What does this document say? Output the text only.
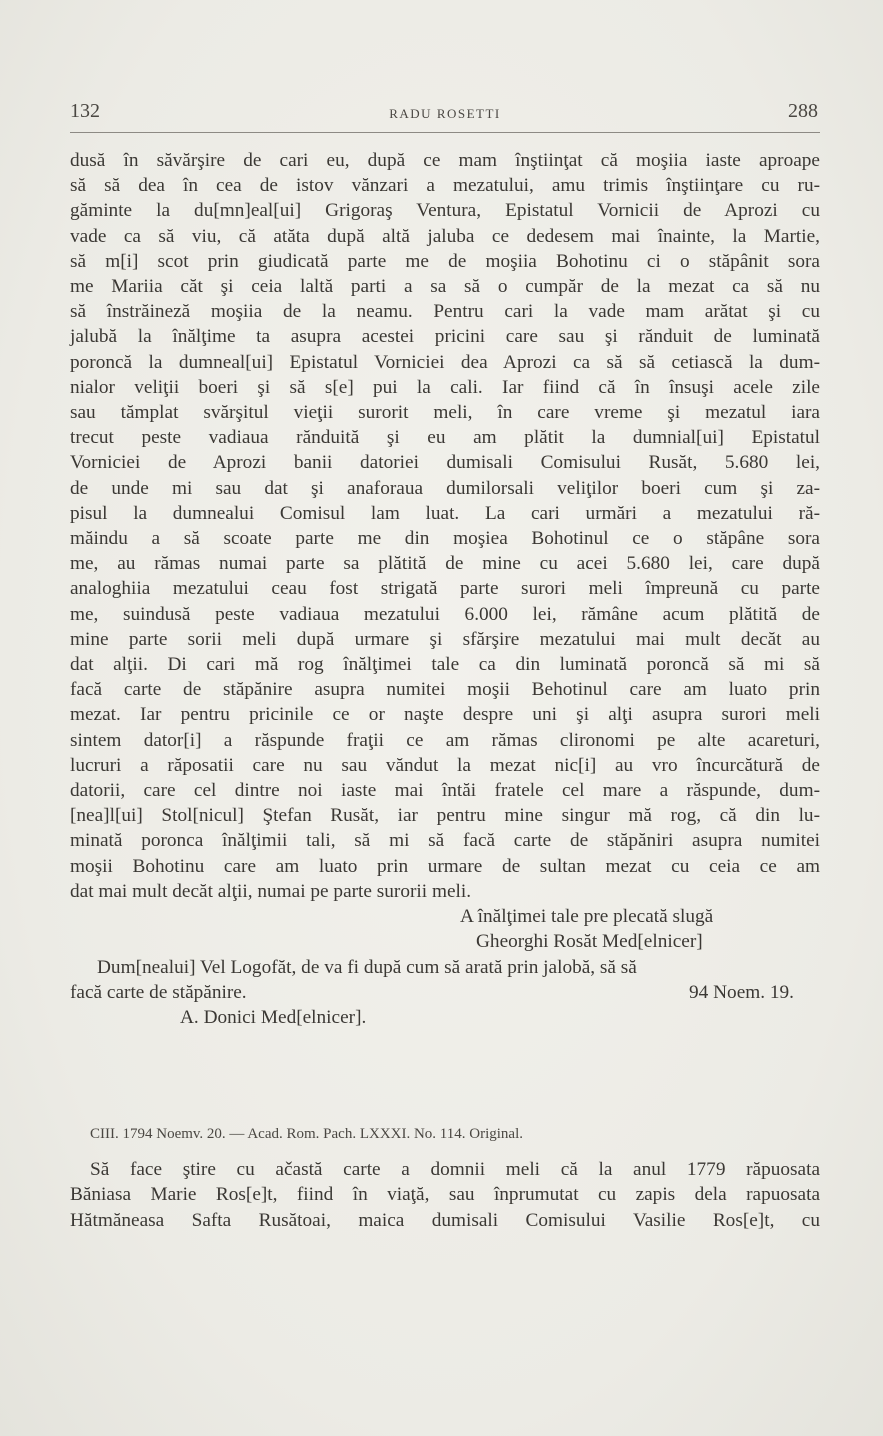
132	RADU ROSETTI	288
dusă în săvărşire de cari eu, după ce mam înştiinţat că moşiia iaste aproape
să să dea în cea de istov vănzari a mezatului, amu trimis înştiinţare cu ru-
găminte la du[mn]eal[ui] Grigoraş Ventura, Epistatul Vornicii de Aprozi cu
vade ca să viu, că atăta după altă jaluba ce dedesem mai înainte, la Martie,
să m[i] scot prin giudicată parte me de moşiia Bohotinu ci o stăpânit sora
me Mariia căt şi ceia laltă parti a sa să o cumpăr de la mezat ca să nu
să înstrăineză moşiia de la neamu. Pentru cari la vade mam arătat şi cu
jalubă la înălţime ta asupra acestei pricini care sau şi rănduit de luminată
poroncă la dumneal[ui] Epistatul Vorniciei dea Aprozi ca să să cetiască la dum-
nialor veliţii boeri şi să s[e] pui la cali. Iar fiind că în însuşi acele zile
sau tămplat svărşitul vieţii surorit meli, în care vreme şi mezatul iara
trecut peste vadiaua rănduită şi eu am plătit la dumnial[ui] Epistatul
Vorniciei de Aprozi banii datoriei dumisali Comisului Rusăt, 5.680 lei,
de unde mi sau dat şi anaforaua dumilorsali veliţilor boeri cum şi za-
pisul la dumnealui Comisul lam luat. La cari urmări a mezatului ră-
măindu a să scoate parte me din moşiea Bohotinul ce o stăpâne sora
me, au rămas numai parte sa plătită de mine cu acei 5.680 lei, care după
analoghiia mezatului ceau fost strigată parte surori meli împreună cu parte
me, suindusă peste vadiaua mezatului 6.000 lei, rămâne acum plătită de
mine parte sorii meli după urmare şi sfărşire mezatului mai mult decăt au
dat alţii. Di cari mă rog înălţimei tale ca din luminată poroncă să mi să
facă carte de stăpănire asupra numitei moşii Behotinul care am luato prin
mezat. Iar pentru pricinile ce or naşte despre uni şi alţi asupra surori meli
sintem dator[i] a răspunde fraţii ce am rămas clironomi pe alte acareturi,
lucruri a răposatii care nu sau văndut la mezat nic[i] au vro încurcătură de
datorii, care cel dintre noi iaste mai întăi fratele cel mare a răspunde, dum-
[nea]l[ui] Stol[nicul] Ştefan Rusăt, iar pentru mine singur mă rog, că din lu-
minată poronca înălţimii tali, să mi să facă carte de stăpăniri asupra numitei
moşii Bohotinu care am luato prin urmare de sultan mezat cu ceia ce am
dat mai mult decăt alţii, numai pe parte surorii meli.
A înălţimei tale pre plecată slugă
Gheorghi Rosăt Med[elnicer]
Dum[nealui] Vel Logofăt, de va fi după cum să arată prin jalobă, să să
facă carte de stăpănire.	94 Noem. 19.
A. Donici Med[elnicer].
CIII. 1794 Noemv. 20. — Acad. Rom. Pach. LXXXI. No. 114. Original.
Să face ştire cu ačastă carte a domnii meli că la anul 1779 răpuosata
Băniasa Marie Ros[e]t, fiind în viaţă, sau înprumutat cu zapis dela rapuosata
Hătmăneasa Safta Rusătoai, maica dumisali Comisului Vasilie Ros[e]t, cu
